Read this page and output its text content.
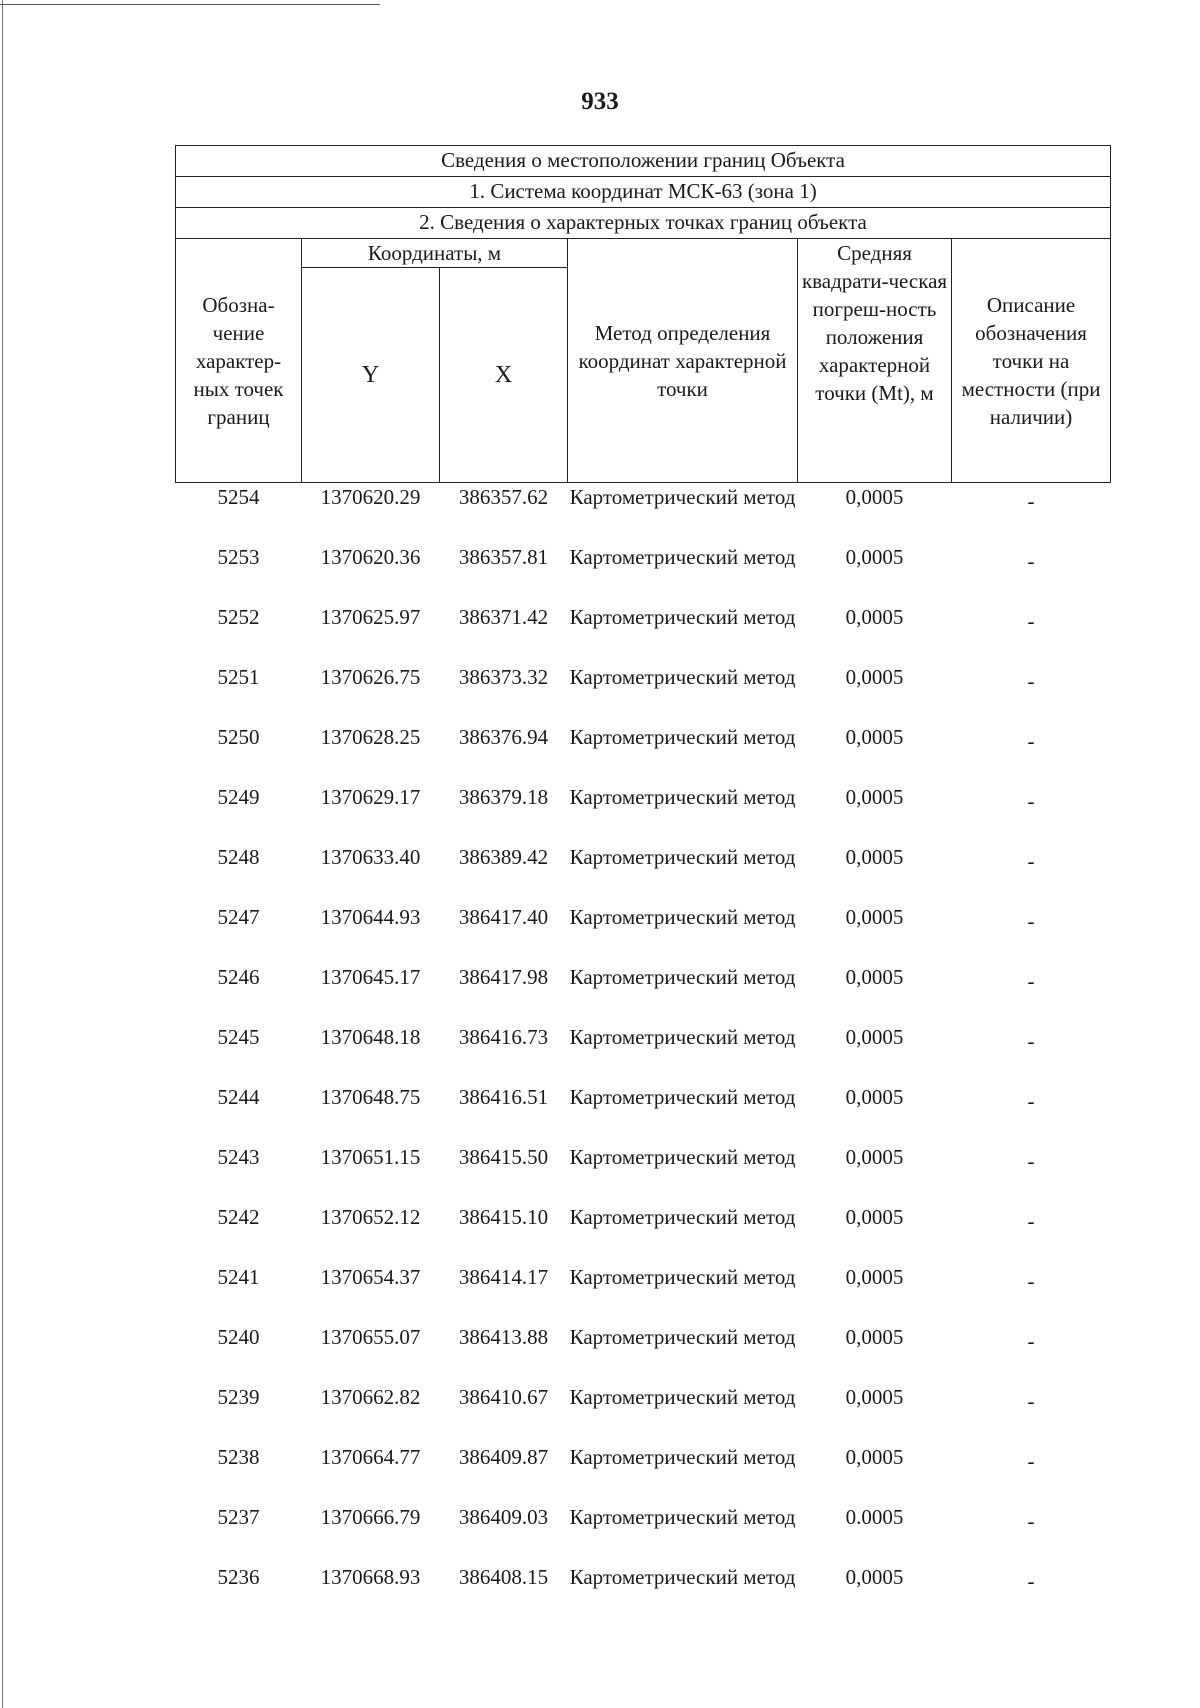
933
Сведения о местоположении границ Объекта					
1. Система координат МСК-63 (зона 1)					
2. Сведения о характерных точках границ объекта					
Обозна-чение характер-ных точек границ	Координаты, м		Метод определения координат характерной точки	Средняя квадрати-ческая погреш-ность положения характерной точки (Mt), м	Описание обозначения точки на местности (при наличии)
	Y	X			
5254	1370620.29	386357.62	Картометрический метод	0,0005	-
5253	1370620.36	386357.81	Картометрический метод	0,0005	-
5252	1370625.97	386371.42	Картометрический метод	0,0005	-
5251	1370626.75	386373.32	Картометрический метод	0,0005	-
5250	1370628.25	386376.94	Картометрический метод	0,0005	-
5249	1370629.17	386379.18	Картометрический метод	0,0005	-
5248	1370633.40	386389.42	Картометрический метод	0,0005	-
5247	1370644.93	386417.40	Картометрический метод	0,0005	-
5246	1370645.17	386417.98	Картометрический метод	0,0005	-
5245	1370648.18	386416.73	Картометрический метод	0,0005	-
5244	1370648.75	386416.51	Картометрический метод	0,0005	-
5243	1370651.15	386415.50	Картометрический метод	0,0005	-
5242	1370652.12	386415.10	Картометрический метод	0,0005	-
5241	1370654.37	386414.17	Картометрический метод	0,0005	-
5240	1370655.07	386413.88	Картометрический метод	0,0005	-
5239	1370662.82	386410.67	Картометрический метод	0,0005	-
5238	1370664.77	386409.87	Картометрический метод	0,0005	-
5237	1370666.79	386409.03	Картометрический метод	0.0005	-
5236	1370668.93	386408.15	Картометрический метод	0,0005	-
